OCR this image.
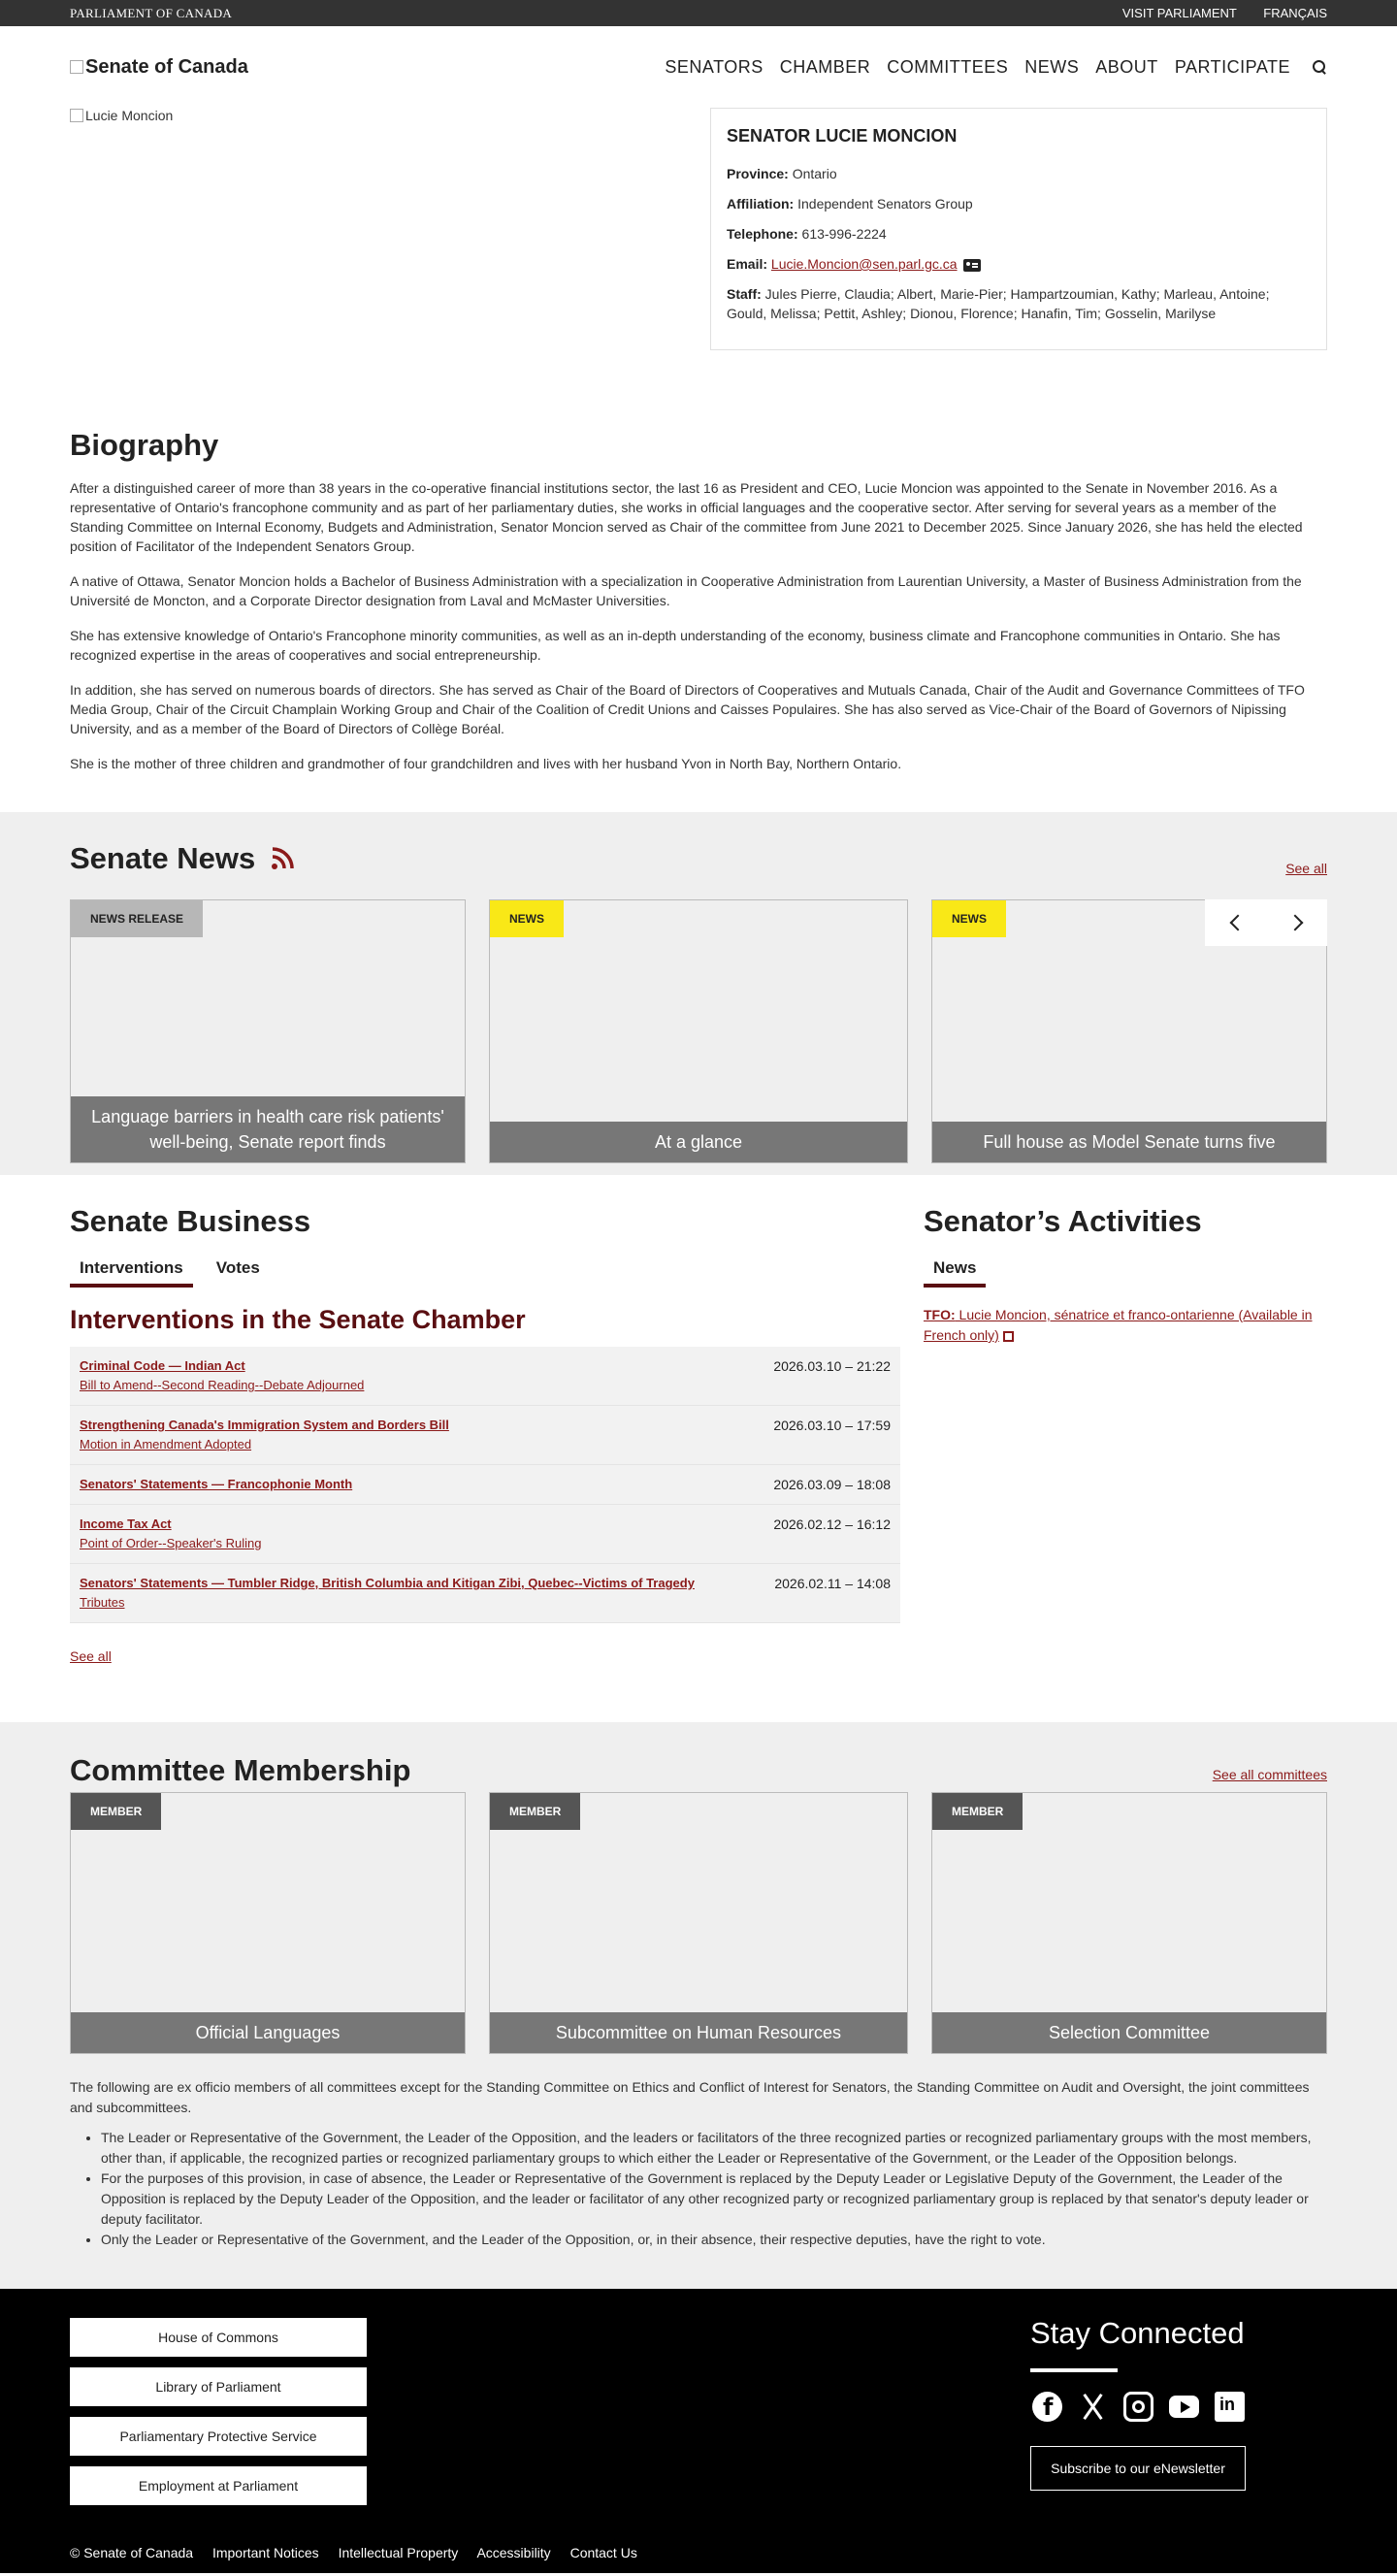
PARLIAMENT OF CANADA	VISIT PARLIAMENT FRANÇAIS
Senate of Canada	SENATORS CHAMBER COMMITTEES NEWS ABOUT PARTICIPATE
Lucie Moncion
SENATOR LUCIE MONCION

Province: Ontario

Affiliation: Independent Senators Group

Telephone: 613-996-2224

Email: Lucie.Moncion@sen.parl.gc.ca

Staff: Jules Pierre, Claudia; Albert, Marie-Pier; Hampartzoumian, Kathy; Marleau, Antoine; Gould, Melissa; Pettit, Ashley; Dionou, Florence; Hanafin, Tim; Gosselin, Marilyse

Biography

After a distinguished career of more than 38 years in the co-operative financial institutions sector, the last 16 as President and CEO, Lucie Moncion was appointed to the Senate in November 2016. As a representative of Ontario's francophone community and as part of her parliamentary duties, she works in official languages and the cooperative sector. After serving for several years as a member of the Standing Committee on Internal Economy, Budgets and Administration, Senator Moncion served as Chair of the committee from June 2021 to December 2025. Since January 2026, she has held the elected position of Facilitator of the Independent Senators Group.

A native of Ottawa, Senator Moncion holds a Bachelor of Business Administration with a specialization in Cooperative Administration from Laurentian University, a Master of Business Administration from the Université de Moncton, and a Corporate Director designation from Laval and McMaster Universities.

She has extensive knowledge of Ontario's Francophone minority communities, as well as an in-depth understanding of the economy, business climate and Francophone communities in Ontario. She has recognized expertise in the areas of cooperatives and social entrepreneurship.

In addition, she has served on numerous boards of directors. She has served as Chair of the Board of Directors of Cooperatives and Mutuals Canada, Chair of the Audit and Governance Committees of TFO Media Group, Chair of the Circuit Champlain Working Group and Chair of the Coalition of Credit Unions and Caisses Populaires. She has also served as Vice-Chair of the Board of Governors of Nipissing University, and as a member of the Board of Directors of Collège Boréal.

She is the mother of three children and grandmother of four grandchildren and lives with her husband Yvon in North Bay, Northern Ontario.

Senate News	See all
NEWS RELEASE
Language barriers in health care risk patients' well-being, Senate report finds
NEWS
At a glance
NEWS
Full house as Model Senate turns five
Senate Business
Interventions	Votes
Interventions in the Senate Chamber
Criminal Code — Indian Act
Bill to Amend--Second Reading--Debate Adjourned
2026.03.10 – 21:22
Strengthening Canada's Immigration System and Borders Bill
Motion in Amendment Adopted
2026.03.10 – 17:59
Senators' Statements — Francophonie Month	2026.03.09 – 18:08
Income Tax Act
Point of Order--Speaker's Ruling
2026.02.12 – 16:12
Senators' Statements — Tumbler Ridge, British Columbia and Kitigan Zibi, Quebec--Victims of Tragedy
Tributes
2026.02.11 – 14:08
See all
Senator’s Activities
News
TFO: Lucie Moncion, sénatrice et franco-ontarienne (Available in French only)
Committee Membership	See all committees
MEMBER
Official Languages
MEMBER
Subcommittee on Human Resources
MEMBER
Selection Committee

The following are ex officio members of all committees except for the Standing Committee on Ethics and Conflict of Interest for Senators, the Standing Committee on Audit and Oversight, the joint committees and subcommittees.

• The Leader or Representative of the Government, the Leader of the Opposition, and the leaders or facilitators of the three recognized parties or recognized parliamentary groups with the most members, other than, if applicable, the recognized parties or recognized parliamentary groups to which either the Leader or Representative of the Government, or the Leader of the Opposition belongs.
• For the purposes of this provision, in case of absence, the Leader or Representative of the Government is replaced by the Deputy Leader or Legislative Deputy of the Government, the Leader of the Opposition is replaced by the Deputy Leader of the Opposition, and the leader or facilitator of any other recognized party or recognized parliamentary group is replaced by that senator's deputy leader or deputy facilitator.
• Only the Leader or Representative of the Government, and the Leader of the Opposition, or, in their absence, their respective deputies, have the right to vote.
House of Commons
Library of Parliament
Parliamentary Protective Service
Employment at Parliament
Stay Connected
f
in
Subscribe to our eNewsletter
© Senate of Canada Important Notices Intellectual Property Accessibility Contact Us
